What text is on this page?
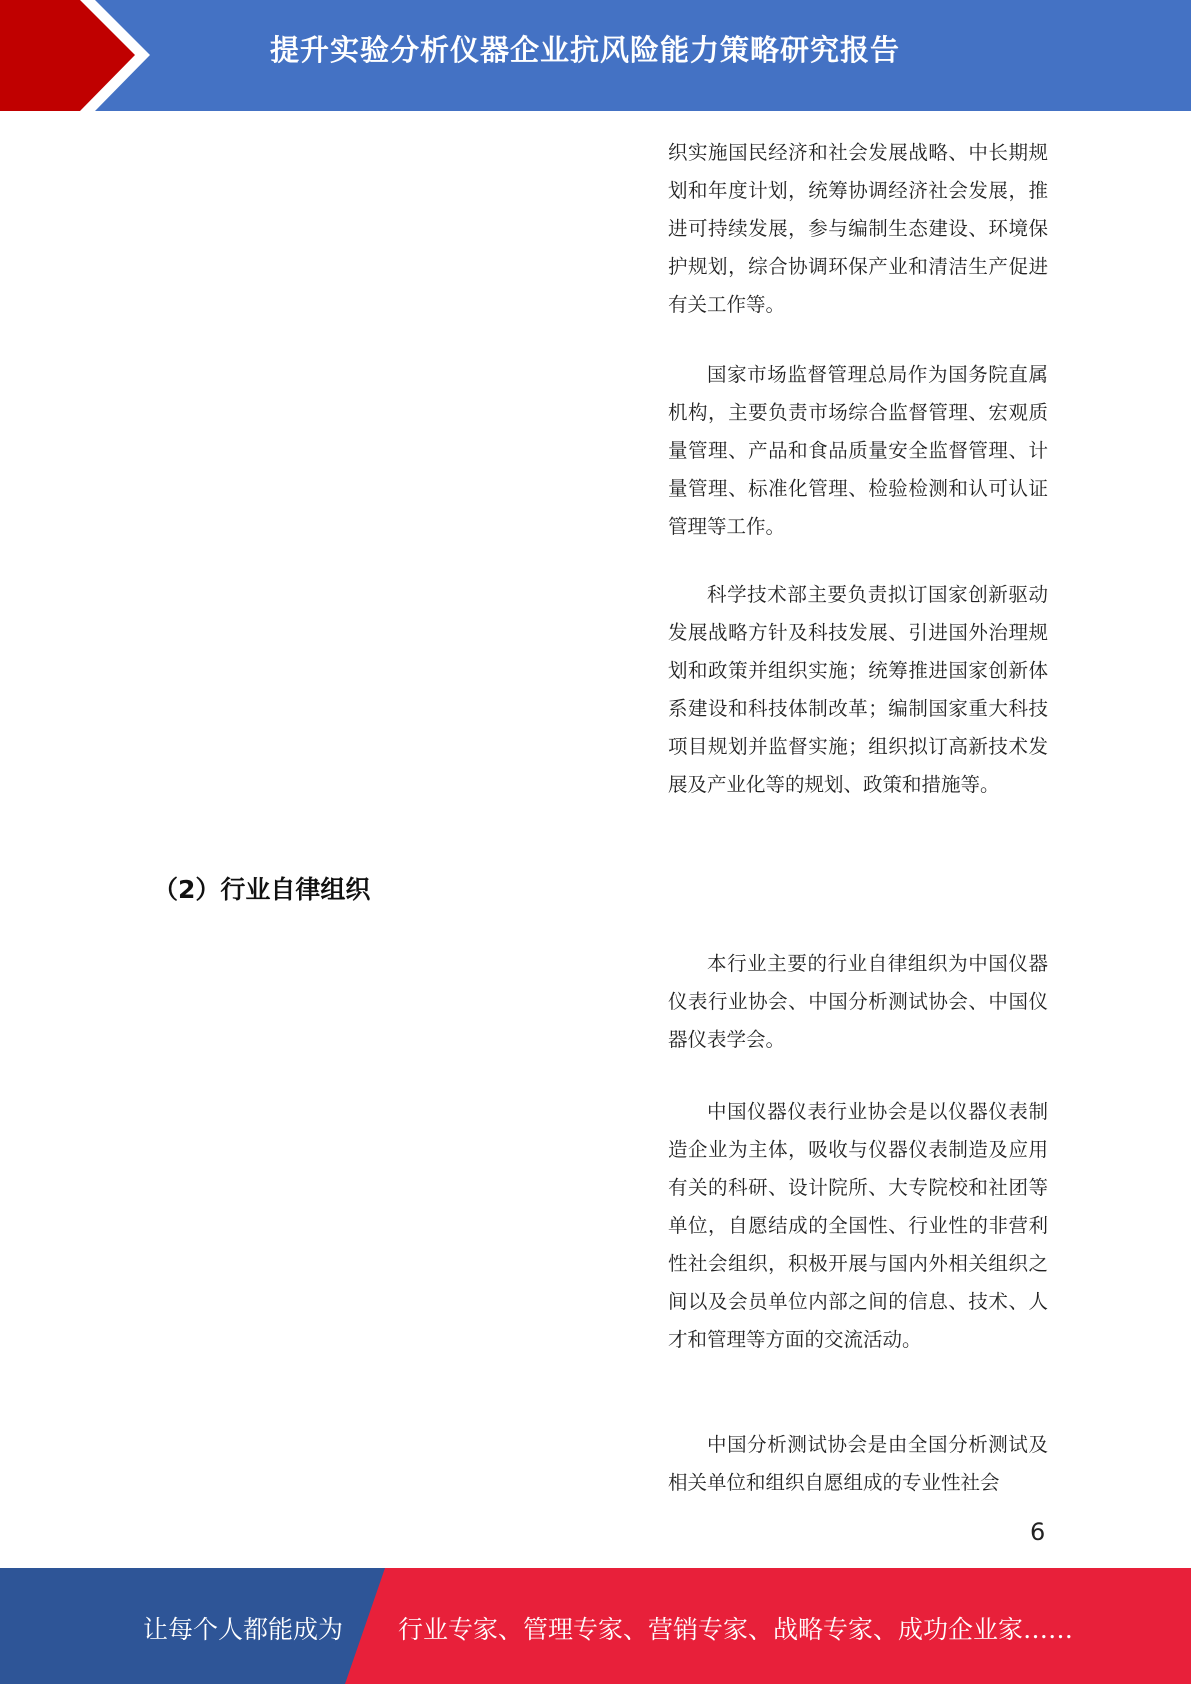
提升实验分析仪器企业抗风险能力策略研究报告

织实施国民经济和社会发展战略、中长期规划和年度计划，统筹协调经济社会发展，推进可持续发展，参与编制生态建设、环境保护规划，综合协调环保产业和清洁生产促进有关工作等。

国家市场监督管理总局作为国务院直属机构，主要负责市场综合监督管理、宏观质量管理、产品和食品质量安全监督管理、计量管理、标准化管理、检验检测和认可认证管理等工作。

科学技术部主要负责拟订国家创新驱动发展战略方针及科技发展、引进国外治理规划和政策并组织实施；统筹推进国家创新体系建设和科技体制改革；编制国家重大科技项目规划并监督实施；组织拟订高新技术发展及产业化等的规划、政策和措施等。

（2）行业自律组织

本行业主要的行业自律组织为中国仪器仪表行业协会、中国分析测试协会、中国仪器仪表学会。

中国仪器仪表行业协会是以仪器仪表制造企业为主体，吸收与仪器仪表制造及应用有关的科研、设计院所、大专院校和社团等单位，自愿结成的全国性、行业性的非营利性社会组织，积极开展与国内外相关组织之间以及会员单位内部之间的信息、技术、人才和管理等方面的交流活动。

中国分析测试协会是由全国分析测试及相关单位和组织自愿组成的专业性社会

6
让每个人都能成为 行业专家、管理专家、营销专家、战略专家、成功企业家……
